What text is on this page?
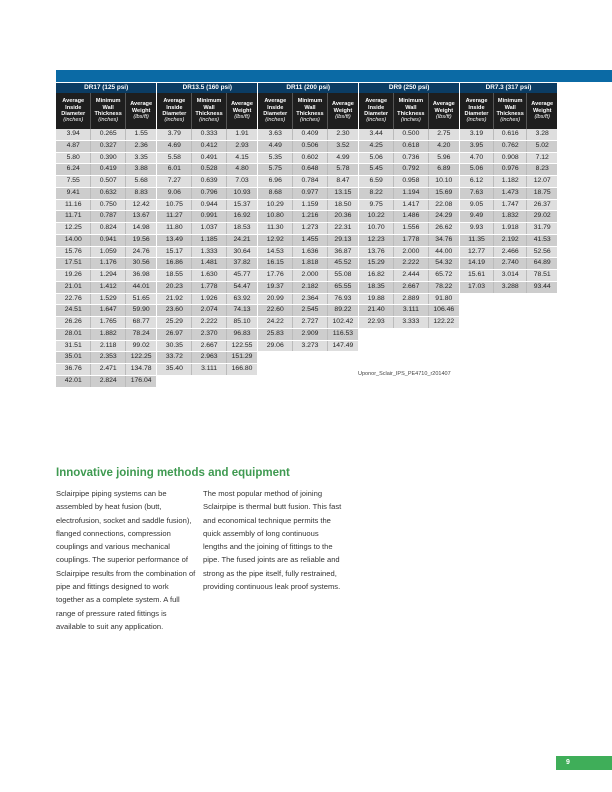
DR17 (125 psi)			DR13.5 (160 psi)			DR11 (200 psi)			DR9 (250 psi)			DR7.3 (317 psi)		
Average
Inside
Diameter
(inches)	Minimum
Wall
Thickness
(inches)	Average
Weight
(lbs/ft)	Average
Inside
Diameter
(inches)	Minimum
Wall
Thickness
(inches)	Average
Weight
(lbs/ft)	Average
Inside
Diameter
(inches)	Minimum
Wall
Thickness
(inches)	Average
Weight
(lbs/ft)	Average
Inside
Diameter
(inches)	Minimum
Wall
Thickness
(inches)	Average
Weight
(lbs/ft)	Average
Inside
Diameter
(inches)	Minimum
Wall
Thickness
(inches)	Average
Weight
(lbs/ft)
3.94	0.265	1.55	3.79	0.333	1.91	3.63	0.409	2.30	3.44	0.500	2.75	3.19	0.616	3.28
4.87	0.327	2.36	4.69	0.412	2.93	4.49	0.506	3.52	4.25	0.618	4.20	3.95	0.762	5.02
5.80	0.390	3.35	5.58	0.491	4.15	5.35	0.602	4.99	5.06	0.736	5.96	4.70	0.908	7.12
6.24	0.419	3.88	6.01	0.528	4.80	5.75	0.648	5.78	5.45	0.792	6.89	5.06	0.976	8.23
7.55	0.507	5.68	7.27	0.639	7.03	6.96	0.784	8.47	6.59	0.958	10.10	6.12	1.182	12.07
9.41	0.632	8.83	9.06	0.796	10.93	8.68	0.977	13.15	8.22	1.194	15.69	7.63	1.473	18.75
11.16	0.750	12.42	10.75	0.944	15.37	10.29	1.159	18.50	9.75	1.417	22.08	9.05	1.747	26.37
11.71	0.787	13.67	11.27	0.991	16.92	10.80	1.216	20.36	10.22	1.486	24.29	9.49	1.832	29.02
12.25	0.824	14.98	11.80	1.037	18.53	11.30	1.273	22.31	10.70	1.556	26.62	9.93	1.918	31.79
14.00	0.941	19.56	13.49	1.185	24.21	12.92	1.455	29.13	12.23	1.778	34.76	11.35	2.192	41.53
15.76	1.059	24.76	15.17	1.333	30.64	14.53	1.636	36.87	13.76	2.000	44.00	12.77	2.466	52.56
17.51	1.176	30.56	16.86	1.481	37.82	16.15	1.818	45.52	15.29	2.222	54.32	14.19	2.740	64.89
19.26	1.294	36.98	18.55	1.630	45.77	17.76	2.000	55.08	16.82	2.444	65.72	15.61	3.014	78.51
21.01	1.412	44.01	20.23	1.778	54.47	19.37	2.182	65.55	18.35	2.667	78.22	17.03	3.288	93.44
22.76	1.529	51.65	21.92	1.926	63.92	20.99	2.364	76.93	19.88	2.889	91.80			
24.51	1.647	59.90	23.60	2.074	74.13	22.60	2.545	89.22	21.40	3.111	106.46			
26.26	1.765	68.77	25.29	2.222	85.10	24.22	2.727	102.42	22.93	3.333	122.22			
28.01	1.882	78.24	26.97	2.370	96.83	25.83	2.909	116.53						
31.51	2.118	99.02	30.35	2.667	122.55	29.06	3.273	147.49						
35.01	2.353	122.25	33.72	2.963	151.29									
36.76	2.471	134.78	35.40	3.111	166.80									
42.01	2.824	176.04												
Uponor_Sclair_IPS_PE4710_r201407
Innovative joining methods and equipment

Sclairpipe piping systems can be assembled by heat fusion (butt, electrofusion, socket and saddle fusion), flanged connections, compression couplings and various mechanical couplings. The superior performance of Sclairpipe results from the combination of pipe and fittings designed to work together as a complete system. A full range of pressure rated fittings is available to suit any application.

The most popular method of joining Sclairpipe is thermal butt fusion. This fast and economical technique permits the quick assembly of long continuous lengths and the joining of fittings to the pipe. The fused joints are as reliable and strong as the pipe itself, fully restrained, providing continuous leak proof systems.

9
